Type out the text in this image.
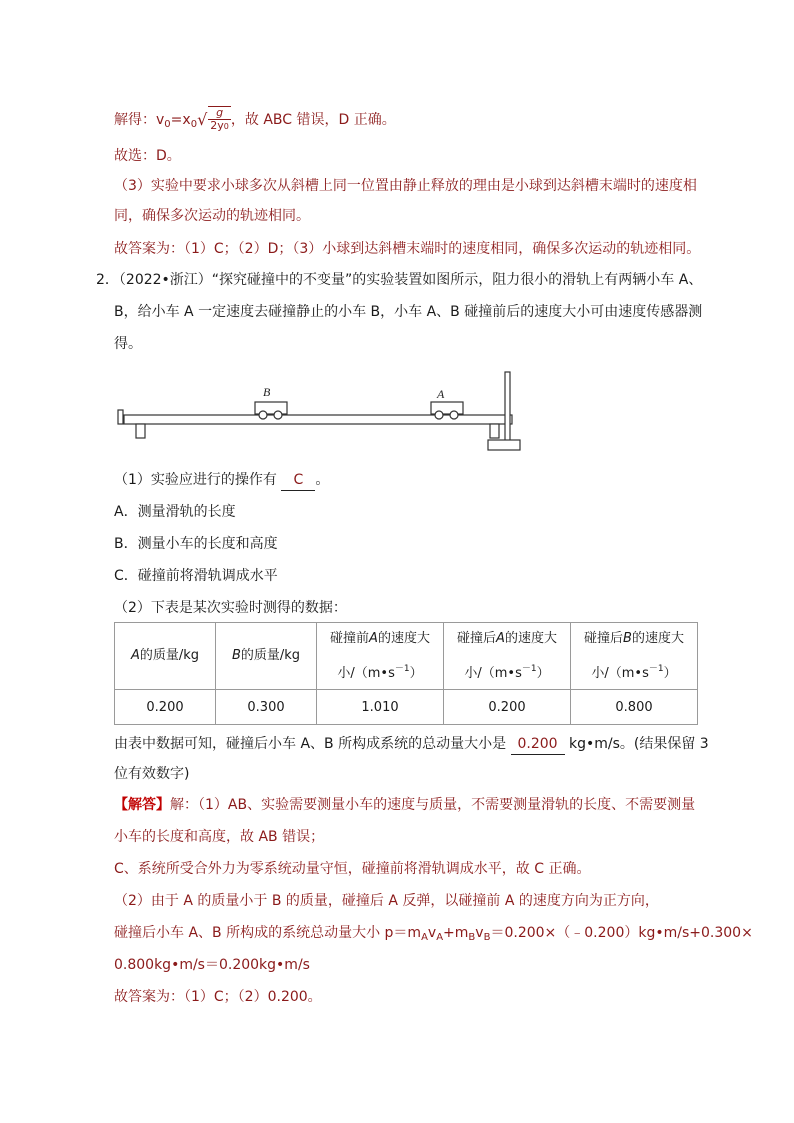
解得：$v_0=x_0√ \frac{g}{2y0}$ ，故 ABC 错误，D 正确。
故选：D。
（3）实验中要求小球多次从斜槽上同一位置由静止释放的理由是小球到达斜槽末端时的速度相
同，确保多次运动的轨迹相同。
故答案为：（1）C；（2）D；（3）小球到达斜槽末端时的速度相同，确保多次运动的轨迹相同。
2．（2022•浙江）“探究碰撞中的不变量”的实验装置如图所示，阻力很小的滑轨上有两辆小车 A、
B，给小车 A 一定速度去碰撞静止的小车 B，小车 A、B 碰撞前后的速度大小可由速度传感器测
得。
B	A
（1）实验应进行的操作有 C 。
A．测量滑轨的长度
B．测量小车的长度和高度
C．碰撞前将滑轨调成水平
（2）下表是某次实验时测得的数据：
A的质量/kg	B的质量/kg	碰撞前A的速度大
小$/(m•s^{-1})$	碰撞后A的速度大
小$/(m•s^{-1})$	碰撞后B的速度大
小$/(m•s^{-1})$
0.200	0.300	1.010	0.200	0.800
由表中数据可知，碰撞后小车 A、B 所构成系统的总动量大小是 0.200 kg•m/s。(结果保留 3
位有效数字)
【解答】解：（1）AB、实验需要测量小车的速度与质量，不需要测量滑轨的长度、不需要测量
小车的长度和高度，故 AB 错误；
C、系统所受合外力为零系统动量守恒，碰撞前将滑轨调成水平，故 C 正确。
（2）由于 A 的质量小于 B 的质量，碰撞后 A 反弹，以碰撞前 A 的速度方向为正方向，
碰撞后小车 A、B 所构成的系统总动量大小 $p=m_Av_A+m_Bv_B=0.200\times(﹣0.200)kg•m/s+0.300\times$
0.800kg•m/s＝0.200kg•m/s
故答案为：（1）C；（2）0.200。
